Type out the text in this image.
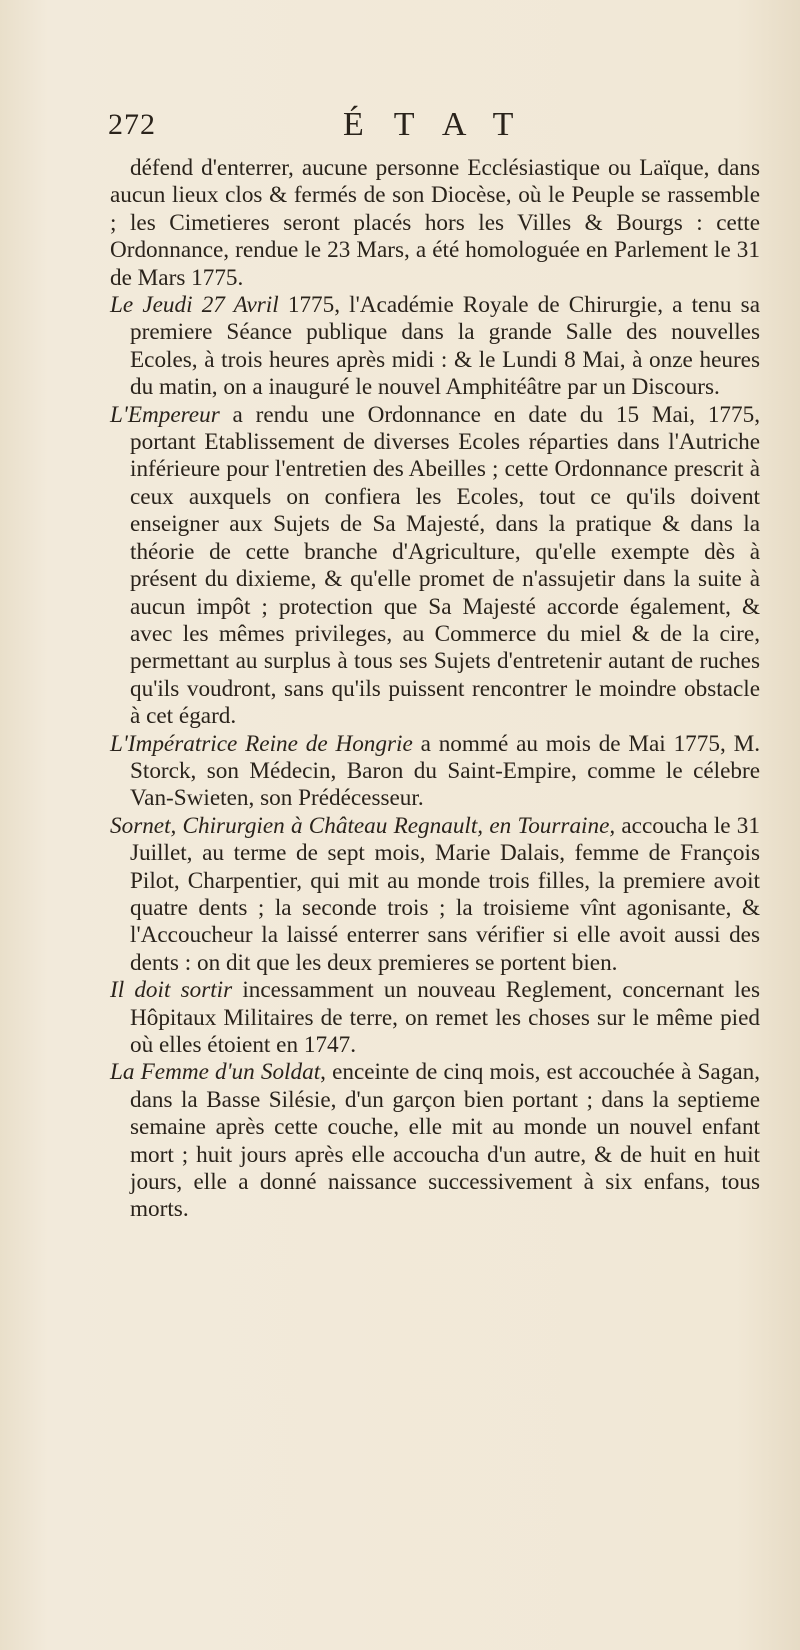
272	ÉTAT

défend d'enterrer, aucune personne Ecclésiastique ou Laïque, dans aucun lieux clos & fermés de son Diocèse, où le Peuple se rassemble ; les Cimetieres seront placés hors les Villes & Bourgs : cette Ordonnance, rendue le 23 Mars, a été homologuée en Parlement le 31 de Mars 1775.

Le Jeudi 27 Avril 1775, l'Académie Royale de Chirurgie, a tenu sa premiere Séance publique dans la grande Salle des nouvelles Ecoles, à trois heures après midi : & le Lundi 8 Mai, à onze heures du matin, on a inauguré le nouvel Amphitéâtre par un Discours.

L'Empereur a rendu une Ordonnance en date du 15 Mai, 1775, portant Etablissement de diverses Ecoles réparties dans l'Autriche inférieure pour l'entretien des Abeilles ; cette Ordonnance prescrit à ceux auxquels on confiera les Ecoles, tout ce qu'ils doivent enseigner aux Sujets de Sa Majesté, dans la pratique & dans la théorie de cette branche d'Agriculture, qu'elle exempte dès à présent du dixieme, & qu'elle promet de n'assujetir dans la suite à aucun impôt ; protection que Sa Majesté accorde également, & avec les mêmes privileges, au Commerce du miel & de la cire, permettant au surplus à tous ses Sujets d'entretenir autant de ruches qu'ils voudront, sans qu'ils puissent rencontrer le moindre obstacle à cet égard.

L'Impératrice Reine de Hongrie a nommé au mois de Mai 1775, M. Storck, son Médecin, Baron du Saint-Empire, comme le célebre Van-Swieten, son Prédécesseur.

Sornet, Chirurgien à Château Regnault, en Tourraine, accoucha le 31 Juillet, au terme de sept mois, Marie Dalais, femme de François Pilot, Charpentier, qui mit au monde trois filles, la premiere avoit quatre dents ; la seconde trois ; la troisieme vînt agonisante, & l'Accoucheur la laissé enterrer sans vérifier si elle avoit aussi des dents : on dit que les deux premieres se portent bien.

Il doit sortir incessamment un nouveau Reglement, concernant les Hôpitaux Militaires de terre, on remet les choses sur le même pied où elles étoient en 1747.

La Femme d'un Soldat, enceinte de cinq mois, est accouchée à Sagan, dans la Basse Silésie, d'un garçon bien portant ; dans la septieme semaine après cette couche, elle mit au monde un nouvel enfant mort ; huit jours après elle accoucha d'un autre, & de huit en huit jours, elle a donné naissance successivement à six enfans, tous morts.
